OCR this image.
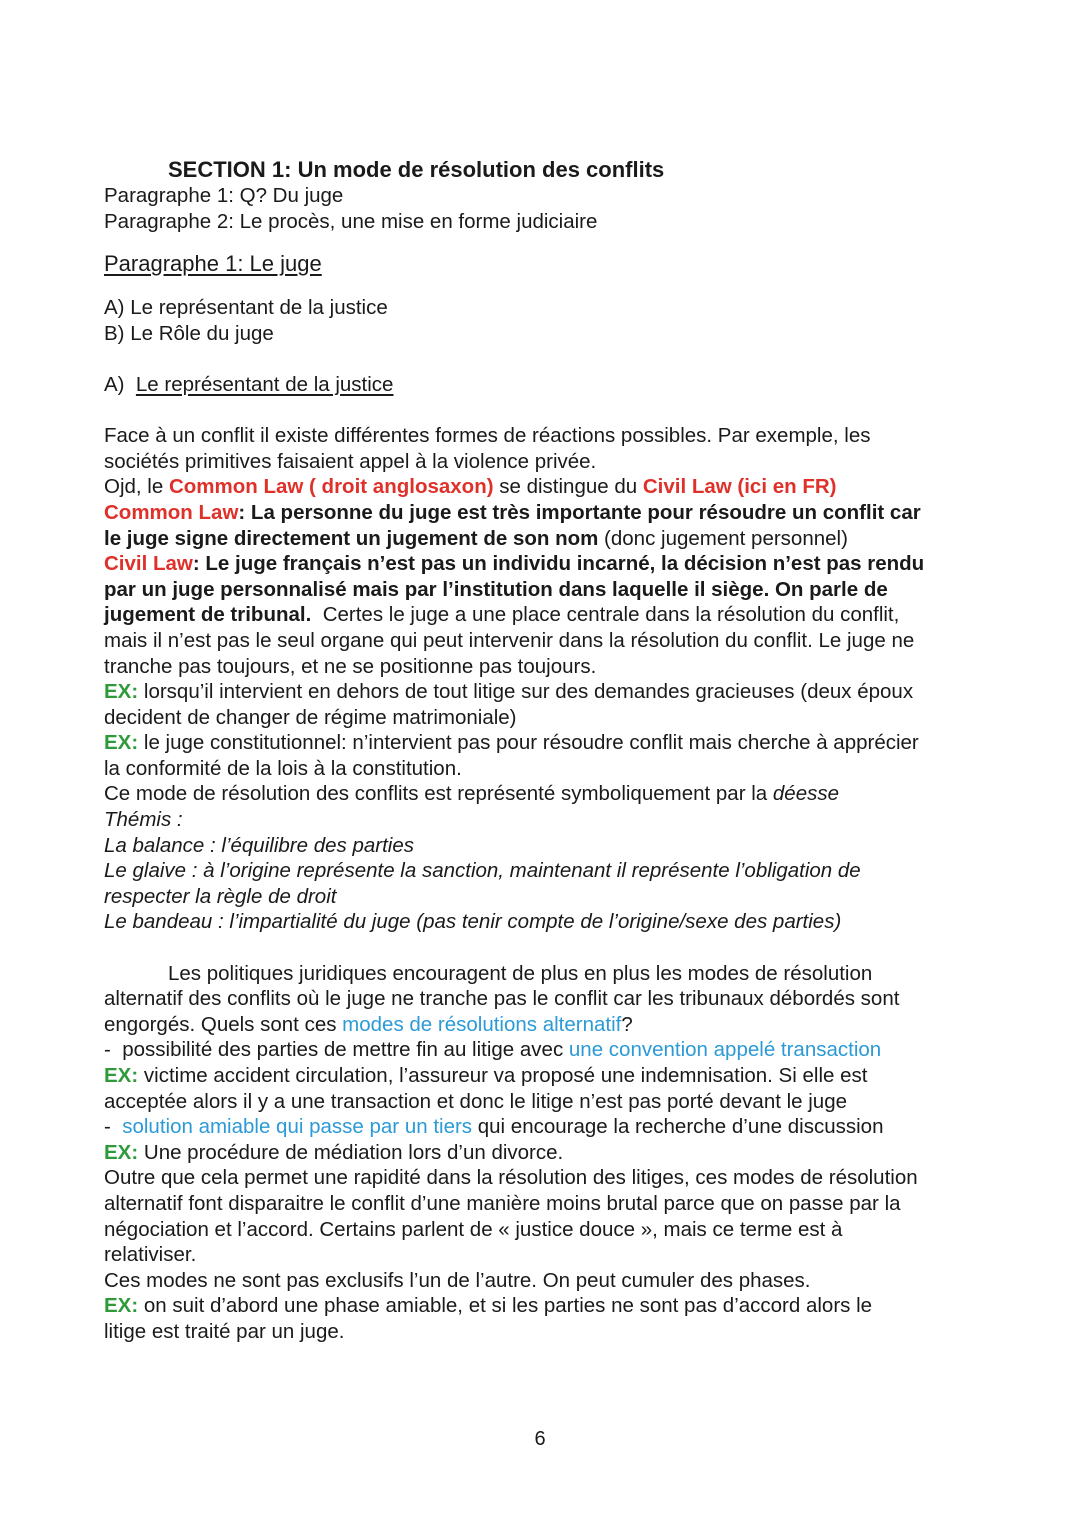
SECTION 1: Un mode de résolution des conflits
Paragraphe 1: Q? Du juge
Paragraphe 2: Le procès, une mise en forme judiciaire
Paragraphe 1: Le juge
A) Le représentant de la justice
B) Le Rôle du juge
A)  Le représentant de la justice
Face à un conflit il existe différentes formes de réactions possibles. Par exemple, les
sociétés primitives faisaient appel à la violence privée.
Ojd, le Common Law ( droit anglosaxon) se distingue du Civil Law (ici en FR)
Common Law: La personne du juge est très importante pour résoudre un conflit car
le juge signe directement un jugement de son nom (donc jugement personnel)
Civil Law: Le juge français n’est pas un individu incarné, la décision n’est pas rendu
par un juge personnalisé mais par l’institution dans laquelle il siège. On parle de
jugement de tribunal.  Certes le juge a une place centrale dans la résolution du conflit,
mais il n’est pas le seul organe qui peut intervenir dans la résolution du conflit. Le juge ne
tranche pas toujours, et ne se positionne pas toujours.
EX: lorsqu’il intervient en dehors de tout litige sur des demandes gracieuses (deux époux
decident de changer de régime matrimoniale)
EX: le juge constitutionnel: n’intervient pas pour résoudre conflit mais cherche à apprécier
la conformité de la lois à la constitution.
Ce mode de résolution des conflits est représenté symboliquement par la déesse
Thémis :
La balance : l’équilibre des parties
Le glaive : à l’origine représente la sanction, maintenant il représente l’obligation de
respecter la règle de droit
Le bandeau : l’impartialité du juge (pas tenir compte de l’origine/sexe des parties)
Les politiques juridiques encouragent de plus en plus les modes de résolution
alternatif des conflits où le juge ne tranche pas le conflit car les tribunaux débordés sont
engorgés. Quels sont ces modes de résolutions alternatif?
-  possibilité des parties de mettre fin au litige avec une convention appelé transaction
EX: victime accident circulation, l’assureur va proposé une indemnisation. Si elle est
acceptée alors il y a une transaction et donc le litige n’est pas porté devant le juge
-  solution amiable qui passe par un tiers qui encourage la recherche d’une discussion
EX: Une procédure de médiation lors d’un divorce.
Outre que cela permet une rapidité dans la résolution des litiges, ces modes de résolution
alternatif font disparaitre le conflit d’une manière moins brutal parce que on passe par la
négociation et l’accord. Certains parlent de « justice douce », mais ce terme est à
relativiser.
Ces modes ne sont pas exclusifs l’un de l’autre. On peut cumuler des phases.
EX: on suit d’abord une phase amiable, et si les parties ne sont pas d’accord alors le
litige est traité par un juge.
6
